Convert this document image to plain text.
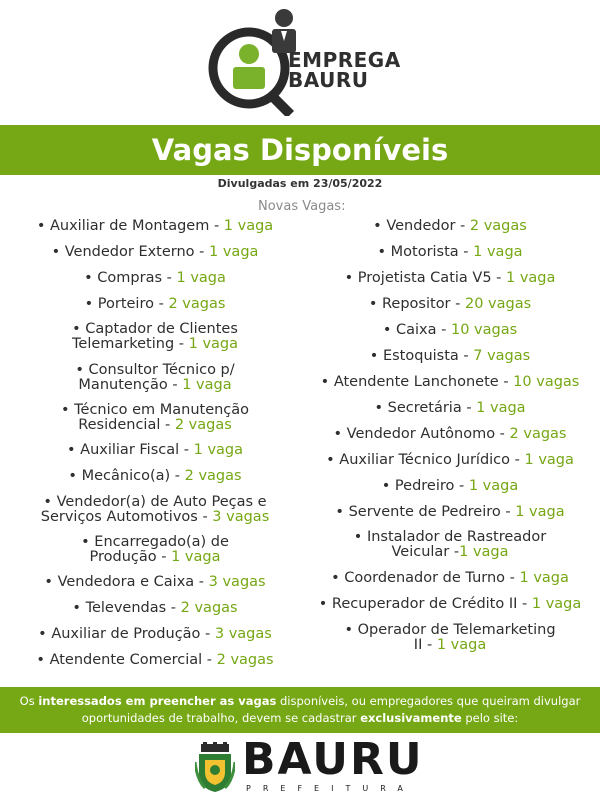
EMPREGA
BAURU
Vagas Disponíveis
Divulgadas em 23/05/2022
Novas Vagas:
• Auxiliar de Montagem - 1 vaga
• Vendedor Externo - 1 vaga
• Compras - 1 vaga
• Porteiro - 2 vagas
• Captador de Clientes
Telemarketing - 1 vaga
• Consultor Técnico p/
Manutenção - 1 vaga
• Técnico em Manutenção
Residencial - 2 vagas
• Auxiliar Fiscal - 1 vaga
• Mecânico(a) - 2 vagas
• Vendedor(a) de Auto Peças e
Serviços Automotivos - 3 vagas
• Encarregado(a) de
Produção - 1 vaga
• Vendedora e Caixa - 3 vagas
• Televendas - 2 vagas
• Auxiliar de Produção - 3 vagas
• Atendente Comercial - 2 vagas
• Vendedor - 2 vagas
• Motorista - 1 vaga
• Projetista Catia V5 - 1 vaga
• Repositor - 20 vagas
• Caixa - 10 vagas
• Estoquista - 7 vagas
• Atendente Lanchonete - 10 vagas
• Secretária - 1 vaga
• Vendedor Autônomo - 2 vagas
• Auxiliar Técnico Jurídico - 1 vaga
• Pedreiro - 1 vaga
• Servente de Pedreiro - 1 vaga
• Instalador de Rastreador
Veicular -1 vaga
• Coordenador de Turno - 1 vaga
• Recuperador de Crédito II - 1 vaga
• Operador de Telemarketing
II - 1 vaga
Os interessados em preencher as vagas disponíveis, ou empregadores que queiram divulgar oportunidades de trabalho, devem se cadastrar exclusivamente pelo site:
BAURU
PREFEITURA
